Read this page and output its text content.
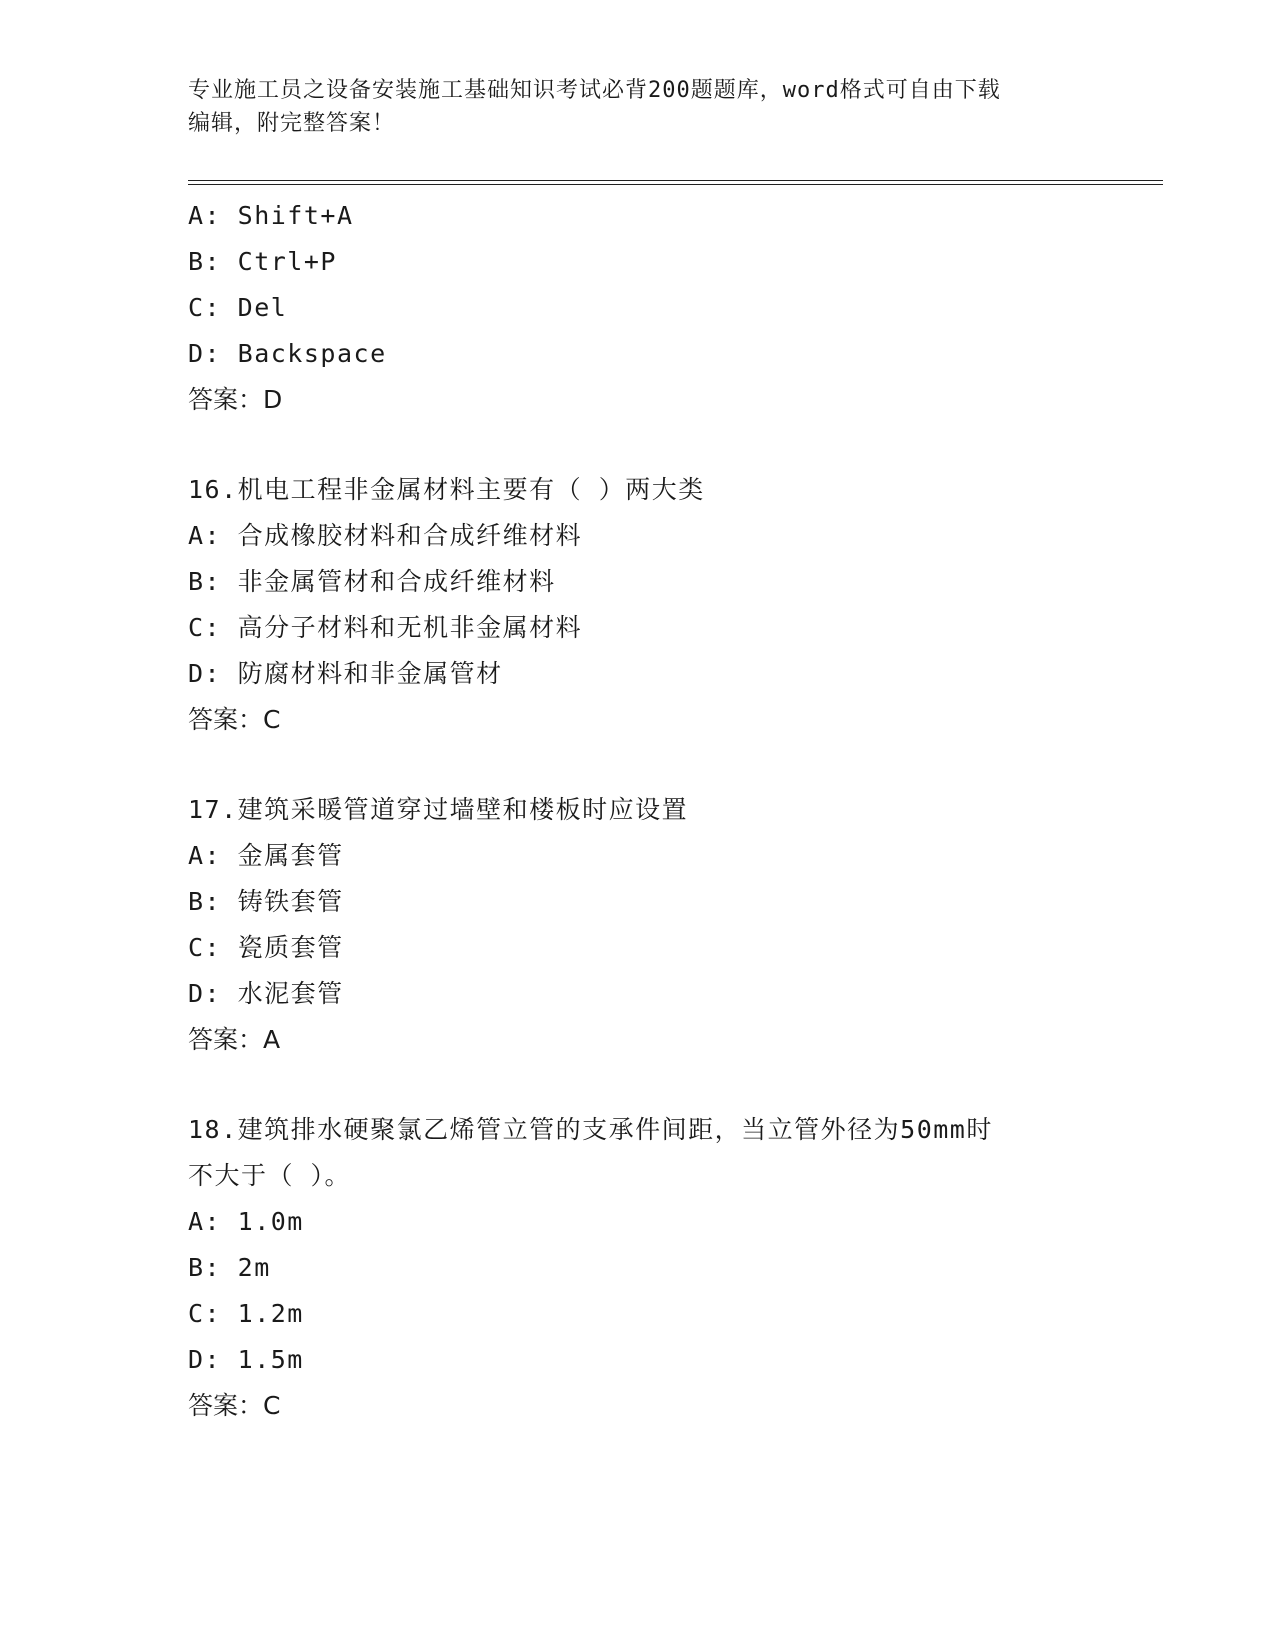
专业施工员之设备安装施工基础知识考试必背200题题库，word格式可自由下载
编辑，附完整答案！
A: Shift+A
B: Ctrl+P
C: Del
D: Backspace
答案：D
16.机电工程非金属材料主要有（ ）两大类
A: 合成橡胶材料和合成纤维材料
B: 非金属管材和合成纤维材料
C: 高分子材料和无机非金属材料
D: 防腐材料和非金属管材
答案：C
17.建筑采暖管道穿过墙壁和楼板时应设置
A: 金属套管
B: 铸铁套管
C: 瓷质套管
D: 水泥套管
答案：A
18.建筑排水硬聚氯乙烯管立管的支承件间距，当立管外径为50mm时
不大于（ ）。
A: 1.0m
B: 2m
C: 1.2m
D: 1.5m
答案：C
